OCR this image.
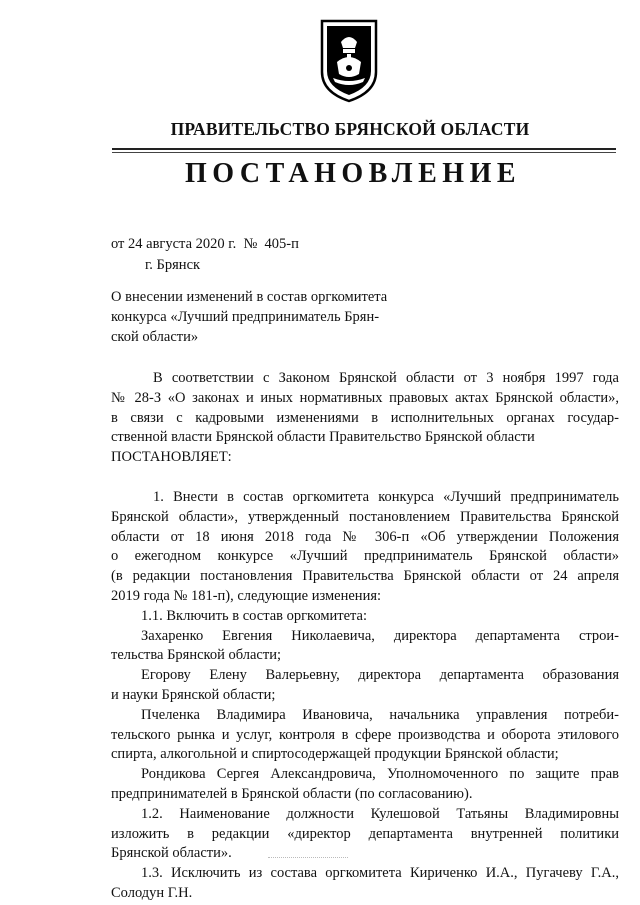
ПРАВИТЕЛЬСТВО БРЯНСКОЙ ОБЛАСТИ
ПОСТАНОВЛЕНИЕ
от 24 августа 2020 г.  №  405-п
г. Брянск
О внесении изменений в состав оргкомитета
конкурса «Лучший предприниматель Брян-
ской области»
В соответствии с Законом Брянской области от 3 ноября 1997 года
№ 28-З «О законах и иных нормативных правовых актах Брянской области»,
в связи с кадровыми изменениями в исполнительных органах государ-
ственной власти Брянской области Правительство Брянской области
ПОСТАНОВЛЯЕТ:
1. Внести в состав оргкомитета конкурса «Лучший предприниматель
Брянской области», утвержденный постановлением Правительства Брянской
области от 18 июня 2018 года № 306-п «Об утверждении Положения
о ежегодном конкурсе «Лучший предприниматель Брянской области»
(в редакции постановления Правительства Брянской области от 24 апреля
2019 года № 181-п), следующие изменения:
1.1. Включить в состав оргкомитета:
Захаренко Евгения Николаевича, директора департамента строи-
тельства Брянской области;
Егорову Елену Валерьевну, директора департамента образования
и науки Брянской области;
Пчеленка Владимира Ивановича, начальника управления потреби-
тельского рынка и услуг, контроля в сфере производства и оборота этилового
спирта, алкогольной и спиртосодержащей продукции Брянской области;
Рондикова Сергея Александровича, Уполномоченного по защите прав
предпринимателей в Брянской области (по согласованию).
1.2. Наименование должности Кулешовой Татьяны Владимировны
изложить в редакции «директор департамента внутренней политики
Брянской области».
1.3. Исключить из состава оргкомитета Кириченко И.А., Пугачеву Г.А.,
Солодун Г.Н.
